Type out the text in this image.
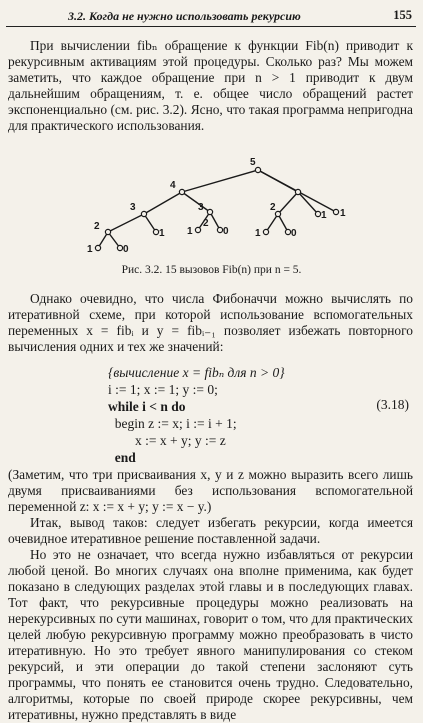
3.2. Когда не нужно использовать рекурсию	155

При вычислении fibₙ обращение к функции Fib(n) приводит к рекурсивным активациям этой процедуры. Сколько раз? Мы можем заметить, что каждое обращение при n > 1 приводит к двум дальнейшим обращениям, т. е. общее число обращений растет экспоненциально (см. рис. 3.2). Ясно, что такая программа непригодна для практического использования.

5
4
3	3
2	2
1
1	0
1	0
2
1	0
1 1
Рис. 3.2. 15 вызовов Fib(n) при n = 5.

Однако очевидно, что числа Фибоначчи можно вычислять по итеративной схеме, при которой использование вспомогательных переменных x = fibᵢ и y = fibᵢ₋₁ позволяет избежать повторного вычисления одних и тех же значений:

{вычисление x = fibₙ для n > 0}
i := 1; x := 1; y := 0;
while i < n do
begin z := x; i := i + 1;
x := x + y; y := z
end
(3.18)

(Заметим, что три присваивания x, y и z можно выразить всего лишь двумя присваиваниями без использования вспомогательной переменной z: x := x + y; y := x − y.)

Итак, вывод таков: следует избегать рекурсии, когда имеется очевидное итеративное решение поставленной задачи.

Но это не означает, что всегда нужно избавляться от рекурсии любой ценой. Во многих случаях она вполне применима, как будет показано в следующих разделах этой главы и в последующих главах. Тот факт, что рекурсивные процедуры можно реализовать на нерекурсивных по сути машинах, говорит о том, что для практических целей любую рекурсивную программу можно преобразовать в чисто итеративную. Но это требует явного манипулирования со стеком рекурсий, и эти операции до такой степени заслоняют суть программы, что понять ее становится очень трудно. Следовательно, алгоритмы, которые по своей природе скорее рекурсивны, чем итеративны, нужно представлять в виде
